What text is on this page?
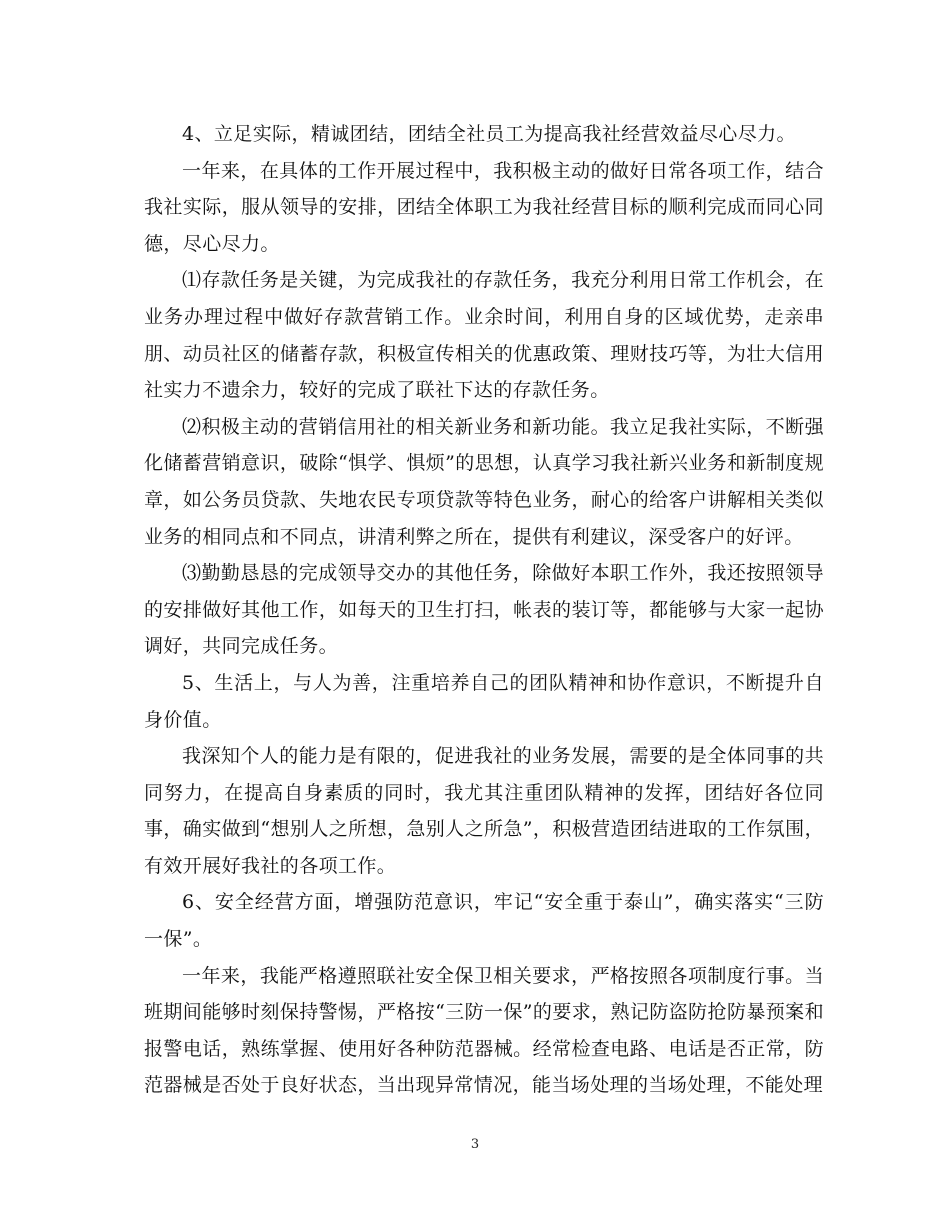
4、立足实际，精诚团结，团结全社员工为提高我社经营效益尽心尽力。

一年来，在具体的工作开展过程中，我积极主动的做好日常各项工作，结合我社实际，服从领导的安排，团结全体职工为我社经营目标的顺利完成而同心同德，尽心尽力。

⑴存款任务是关键，为完成我社的存款任务，我充分利用日常工作机会，在业务办理过程中做好存款营销工作。业余时间，利用自身的区域优势，走亲串朋、动员社区的储蓄存款，积极宣传相关的优惠政策、理财技巧等，为壮大信用社实力不遗余力，较好的完成了联社下达的存款任务。

⑵积极主动的营销信用社的相关新业务和新功能。我立足我社实际，不断强化储蓄营销意识，破除“惧学、惧烦”的思想，认真学习我社新兴业务和新制度规章，如公务员贷款、失地农民专项贷款等特色业务，耐心的给客户讲解相关类似业务的相同点和不同点，讲清利弊之所在，提供有利建议，深受客户的好评。

⑶勤勤恳恳的完成领导交办的其他任务，除做好本职工作外，我还按照领导的安排做好其他工作，如每天的卫生打扫，帐表的装订等，都能够与大家一起协调好，共同完成任务。

5、生活上，与人为善，注重培养自己的团队精神和协作意识，不断提升自身价值。

我深知个人的能力是有限的，促进我社的业务发展，需要的是全体同事的共同努力，在提高自身素质的同时，我尤其注重团队精神的发挥，团结好各位同事，确实做到“想别人之所想，急别人之所急”，积极营造团结进取的工作氛围，有效开展好我社的各项工作。

6、安全经营方面，增强防范意识，牢记“安全重于泰山”，确实落实“三防一保”。

一年来，我能严格遵照联社安全保卫相关要求，严格按照各项制度行事。当班期间能够时刻保持警惕，严格按“三防一保”的要求，熟记防盗防抢防暴预案和报警电话，熟练掌握、使用好各种防范器械。经常检查电路、电话是否正常，防范器械是否处于良好状态，当出现异常情况，能当场处理的当场处理，不能处理

3
